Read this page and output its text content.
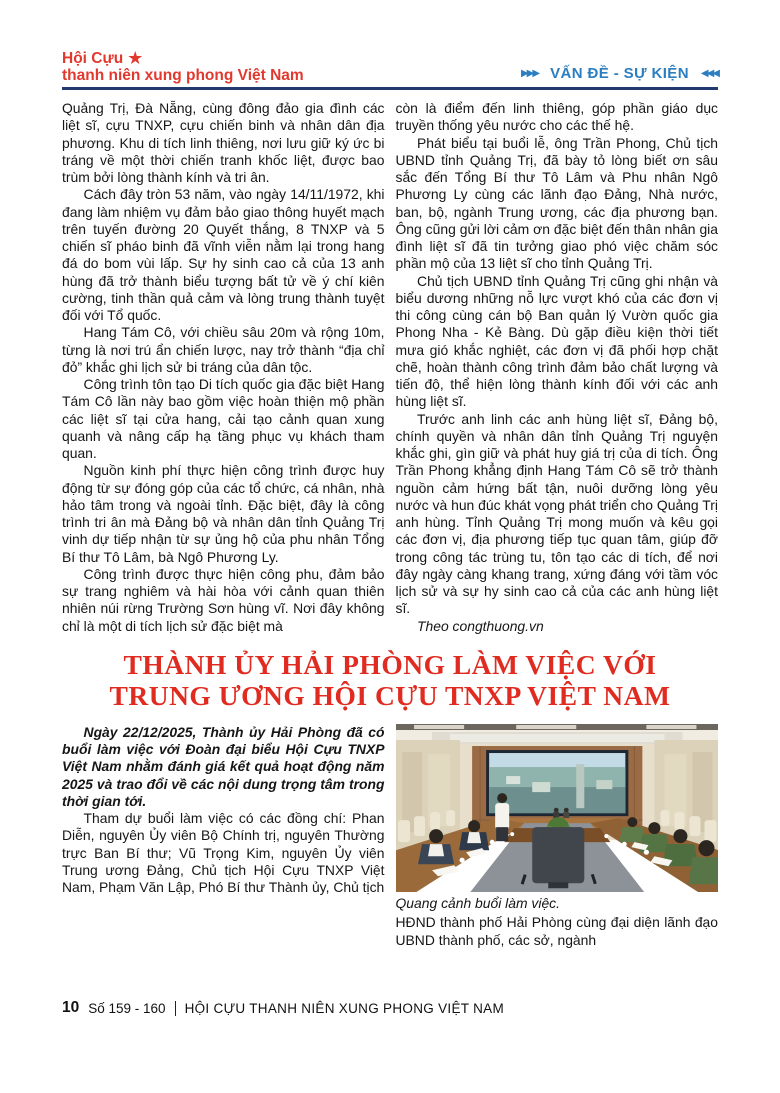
Hội Cựu ★
thanh niên xung phong Việt Nam	▶▶▶ VẤN ĐỀ - SỰ KIỆN ◀◀◀

Quảng Trị, Đà Nẵng, cùng đông đảo gia đình các liệt sĩ, cựu TNXP, cựu chiến binh và nhân dân địa phương. Khu di tích linh thiêng, nơi lưu giữ ký ức bi tráng về một thời chiến tranh khốc liệt, được bao trùm bởi lòng thành kính và tri ân.

Cách đây tròn 53 năm, vào ngày 14/11/1972, khi đang làm nhiệm vụ đảm bảo giao thông huyết mạch trên tuyến đường 20 Quyết thắng, 8 TNXP và 5 chiến sĩ pháo binh đã vĩnh viễn nằm lại trong hang đá do bom vùi lấp. Sự hy sinh cao cả của 13 anh hùng đã trở thành biểu tượng bất tử về ý chí kiên cường, tinh thần quả cảm và lòng trung thành tuyệt đối với Tổ quốc.

Hang Tám Cô, với chiều sâu 20m và rộng 10m, từng là nơi trú ẩn chiến lược, nay trở thành “địa chỉ đỏ” khắc ghi lịch sử bi tráng của dân tộc.

Công trình tôn tạo Di tích quốc gia đặc biệt Hang Tám Cô lần này bao gồm việc hoàn thiện mộ phần các liệt sĩ tại cửa hang, cải tạo cảnh quan xung quanh và nâng cấp hạ tầng phục vụ khách tham quan.

Nguồn kinh phí thực hiện công trình được huy động từ sự đóng góp của các tổ chức, cá nhân, nhà hảo tâm trong và ngoài tỉnh. Đặc biệt, đây là công trình tri ân mà Đảng bộ và nhân dân tỉnh Quảng Trị vinh dự tiếp nhận từ sự ủng hộ của phu nhân Tổng Bí thư Tô Lâm, bà Ngô Phương Ly.

Công trình được thực hiện công phu, đảm bảo sự trang nghiêm và hài hòa với cảnh quan thiên nhiên núi rừng Trường Sơn hùng vĩ. Nơi đây không chỉ là một di tích lịch sử đặc biệt mà

còn là điểm đến linh thiêng, góp phần giáo dục truyền thống yêu nước cho các thế hệ.

Phát biểu tại buổi lễ, ông Trần Phong, Chủ tịch UBND tỉnh Quảng Trị, đã bày tỏ lòng biết ơn sâu sắc đến Tổng Bí thư Tô Lâm và Phu nhân Ngô Phương Ly cùng các lãnh đạo Đảng, Nhà nước, ban, bộ, ngành Trung ương, các địa phương bạn. Ông cũng gửi lời cảm ơn đặc biệt đến thân nhân gia đình liệt sĩ đã tin tưởng giao phó việc chăm sóc phần mộ của 13 liệt sĩ cho tỉnh Quảng Trị.

Chủ tịch UBND tỉnh Quảng Trị cũng ghi nhận và biểu dương những nỗ lực vượt khó của các đơn vị thi công cùng cán bộ Ban quản lý Vườn quốc gia Phong Nha - Kẻ Bàng. Dù gặp điều kiện thời tiết mưa gió khắc nghiệt, các đơn vị đã phối hợp chặt chẽ, hoàn thành công trình đảm bảo chất lượng và tiến độ, thể hiện lòng thành kính đối với các anh hùng liệt sĩ.

Trước anh linh các anh hùng liệt sĩ, Đảng bộ, chính quyền và nhân dân tỉnh Quảng Trị nguyện khắc ghi, gìn giữ và phát huy giá trị của di tích. Ông Trần Phong khẳng định Hang Tám Cô sẽ trở thành nguồn cảm hứng bất tận, nuôi dưỡng lòng yêu nước và hun đúc khát vọng phát triển cho Quảng Trị anh hùng. Tỉnh Quảng Trị mong muốn và kêu gọi các đơn vị, địa phương tiếp tục quan tâm, giúp đỡ trong công tác trùng tu, tôn tạo các di tích, để nơi đây ngày càng khang trang, xứng đáng với tầm vóc lịch sử và sự hy sinh cao cả của các anh hùng liệt sĩ.

Theo congthuong.vn

THÀNH ỦY HẢI PHÒNG LÀM VIỆC VỚI
TRUNG ƯƠNG HỘI CỰU TNXP VIỆT NAM

Ngày 22/12/2025, Thành ủy Hải Phòng đã có buổi làm việc với Đoàn đại biểu Hội Cựu TNXP Việt Nam nhằm đánh giá kết quả hoạt động năm 2025 và trao đổi về các nội dung trọng tâm trong thời gian tới.

Tham dự buổi làm việc có các đồng chí: Phan Diễn, nguyên Ủy viên Bộ Chính trị, nguyên Thường trực Ban Bí thư; Vũ Trọng Kim, nguyên Ủy viên Trung ương Đảng, Chủ tịch Hội Cựu TNXP Việt Nam, Phạm Văn Lập, Phó Bí thư Thành ủy, Chủ tịch

Quang cảnh buổi làm việc.

HĐND thành phố Hải Phòng cùng đại diện lãnh đạo UBND thành phố, các sở, ngành

10 Số 159 - 160 HỘI CỰU THANH NIÊN XUNG PHONG VIỆT NAM
